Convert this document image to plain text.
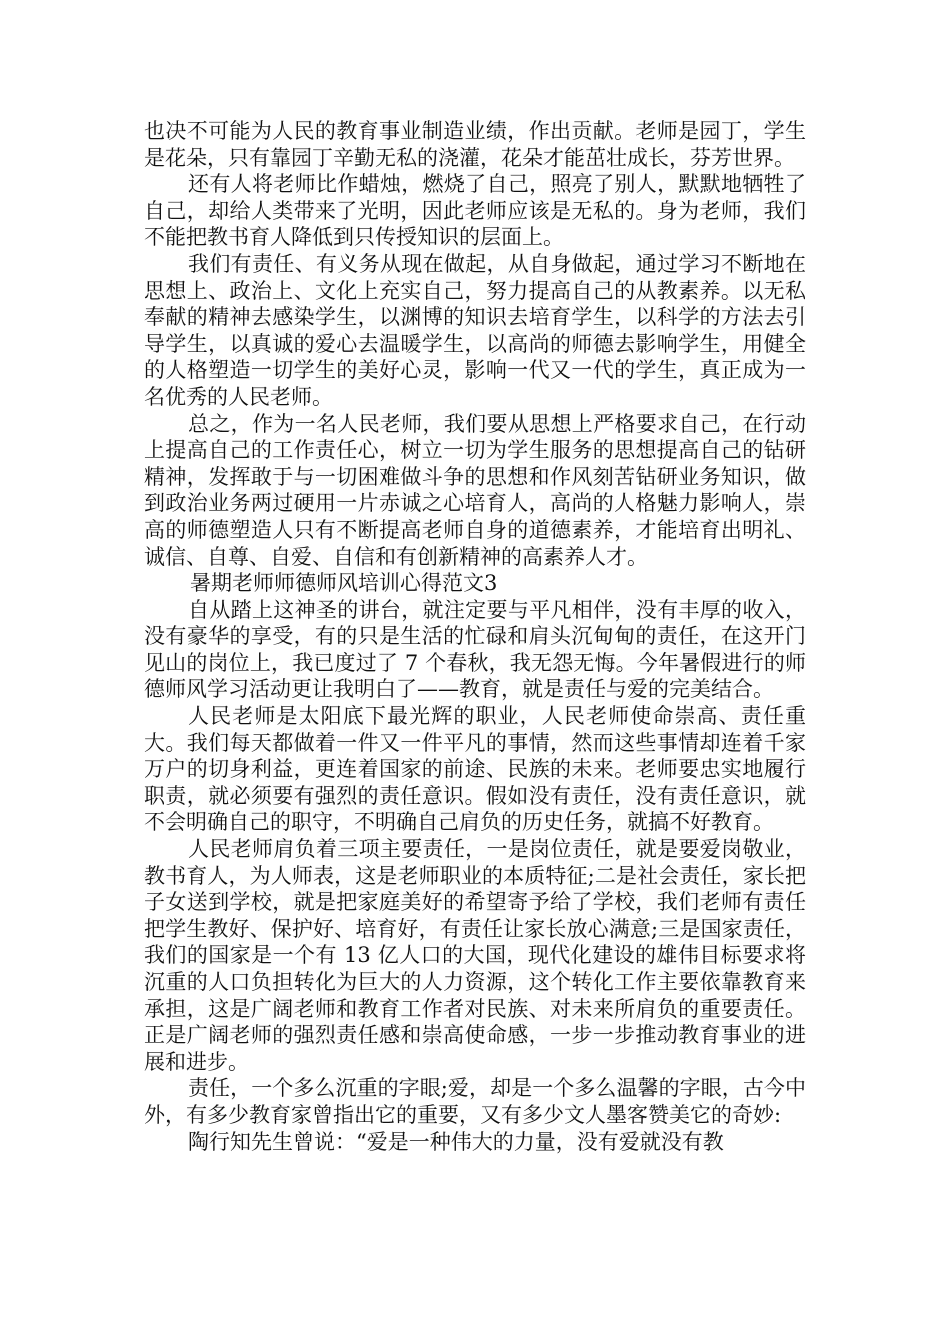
也决不可能为人民的教育事业制造业绩，作出贡献。老师是园丁，学生是花朵，只有靠园丁辛勤无私的浇灌，花朵才能茁壮成长，芬芳世界。

还有人将老师比作蜡烛，燃烧了自己，照亮了别人，默默地牺牲了自己，却给人类带来了光明，因此老师应该是无私的。身为老师，我们不能把教书育人降低到只传授知识的层面上。

我们有责任、有义务从现在做起，从自身做起，通过学习不断地在思想上、政治上、文化上充实自己，努力提高自己的从教素养。以无私奉献的精神去感染学生，以渊博的知识去培育学生，以科学的方法去引导学生，以真诚的爱心去温暖学生，以高尚的师德去影响学生，用健全的人格塑造一切学生的美好心灵，影响一代又一代的学生，真正成为一名优秀的人民老师。

总之，作为一名人民老师，我们要从思想上严格要求自己，在行动上提高自己的工作责任心，树立一切为学生服务的思想提高自己的钻研精神，发挥敢于与一切困难做斗争的思想和作风刻苦钻研业务知识，做到政治业务两过硬用一片赤诚之心培育人，高尚的人格魅力影响人，崇高的师德塑造人只有不断提高老师自身的道德素养，才能培育出明礼、诚信、自尊、自爱、自信和有创新精神的高素养人才。

暑期老师师德师风培训心得范文3

自从踏上这神圣的讲台，就注定要与平凡相伴，没有丰厚的收入，没有豪华的享受，有的只是生活的忙碌和肩头沉甸甸的责任，在这开门见山的岗位上，我已度过了 7 个春秋，我无怨无悔。今年暑假进行的师德师风学习活动更让我明白了——教育，就是责任与爱的完美结合。

人民老师是太阳底下最光辉的职业，人民老师使命崇高、责任重大。我们每天都做着一件又一件平凡的事情，然而这些事情却连着千家万户的切身利益，更连着国家的前途、民族的未来。老师要忠实地履行职责，就必须要有强烈的责任意识。假如没有责任，没有责任意识，就不会明确自己的职守，不明确自己肩负的历史任务，就搞不好教育。

人民老师肩负着三项主要责任，一是岗位责任，就是要爱岗敬业，教书育人，为人师表，这是老师职业的本质特征;二是社会责任，家长把子女送到学校，就是把家庭美好的希望寄予给了学校，我们老师有责任把学生教好、保护好、培育好，有责任让家长放心满意;三是国家责任，我们的国家是一个有 13 亿人口的大国，现代化建设的雄伟目标要求将沉重的人口负担转化为巨大的人力资源，这个转化工作主要依靠教育来承担，这是广阔老师和教育工作者对民族、对未来所肩负的重要责任。正是广阔老师的强烈责任感和崇高使命感，一步一步推动教育事业的进展和进步。

责任，一个多么沉重的字眼;爱，却是一个多么温馨的字眼，古今中外，有多少教育家曾指出它的重要，又有多少文人墨客赞美它的奇妙:

陶行知先生曾说：“爱是一种伟大的力量，没有爱就没有教
